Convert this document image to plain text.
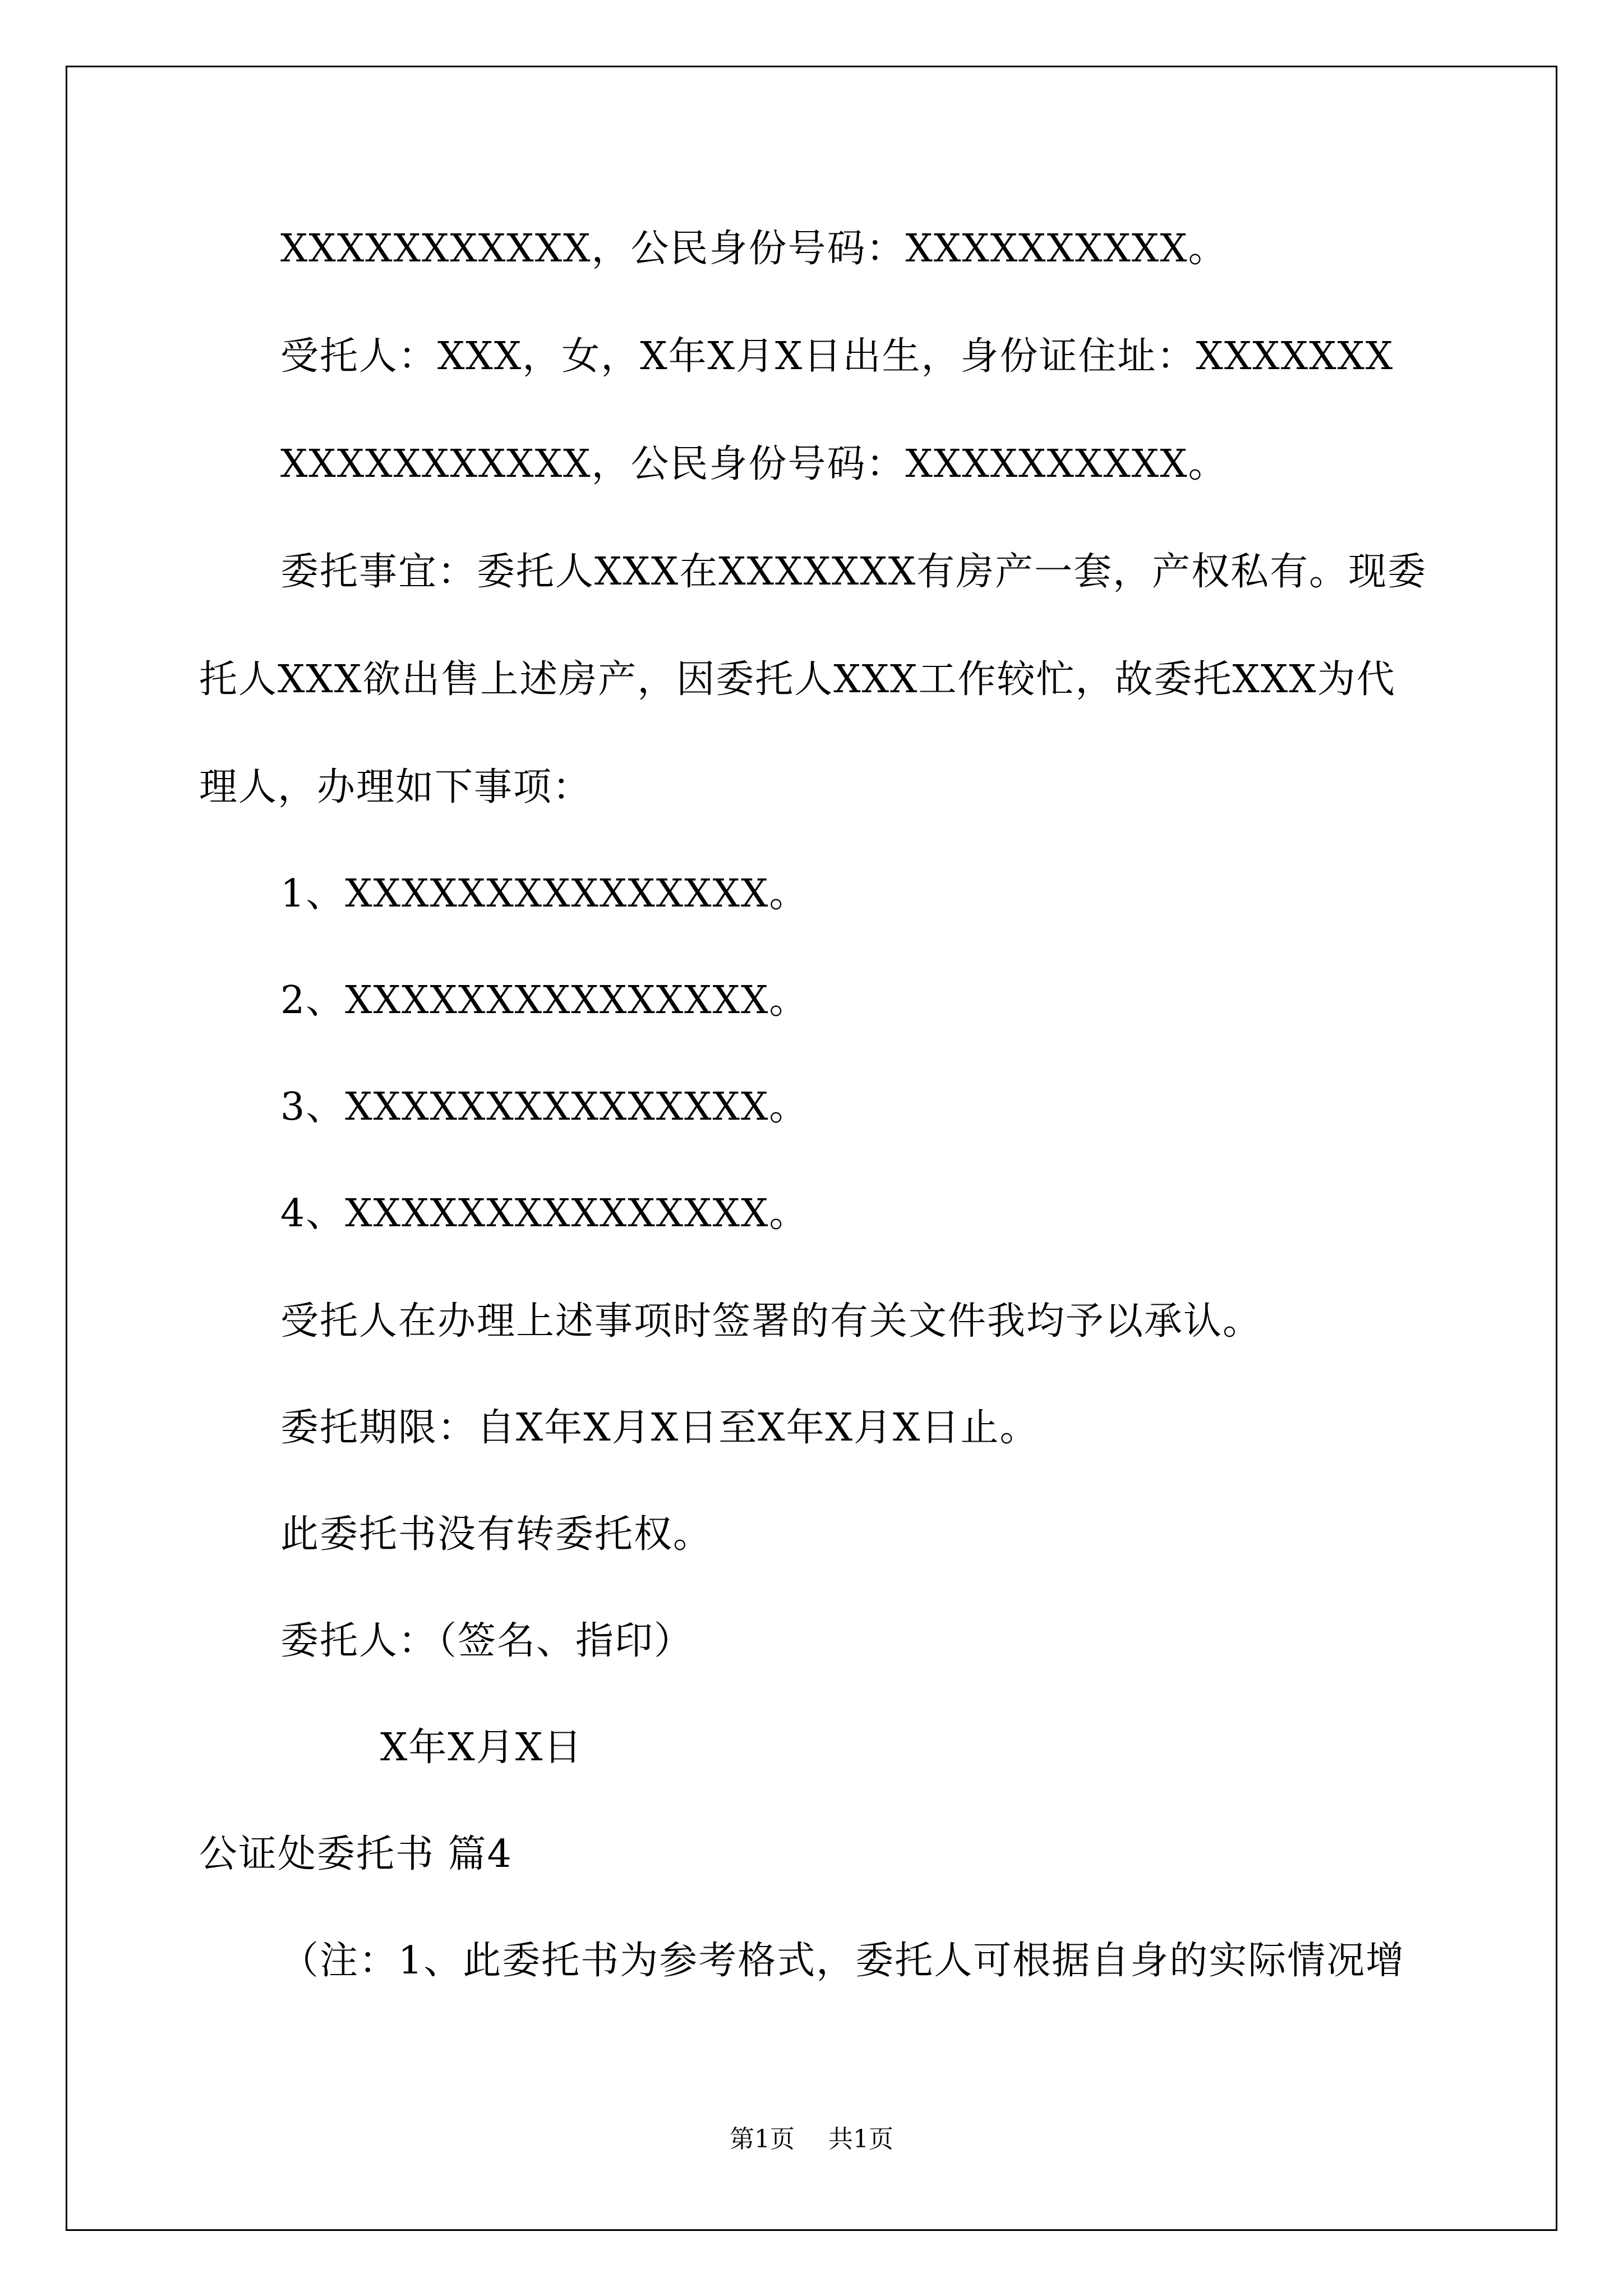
XXXXXXXXXXX，公民身份号码：XXXXXXXXXX。
受托人：XXX，女，X年X月X日出生，身份证住址：XXXXXXX
XXXXXXXXXXX，公民身份号码：XXXXXXXXXX。
委托事宜：委托人XXX在XXXXXXX有房产一套，产权私有。现委
托人XXX欲出售上述房产，因委托人XXX工作较忙，故委托XXX为代
理人，办理如下事项：
1、XXXXXXXXXXXXXXX。
2、XXXXXXXXXXXXXXX。
3、XXXXXXXXXXXXXXX。
4、XXXXXXXXXXXXXXX。
受托人在办理上述事项时签署的有关文件我均予以承认。
委托期限：自X年X月X日至X年X月X日止。
此委托书没有转委托权。
委托人：（签名、指印）
X年X月X日
公证处委托书 篇4
（注：1、此委托书为参考格式，委托人可根据自身的实际情况增
第1页 共1页
